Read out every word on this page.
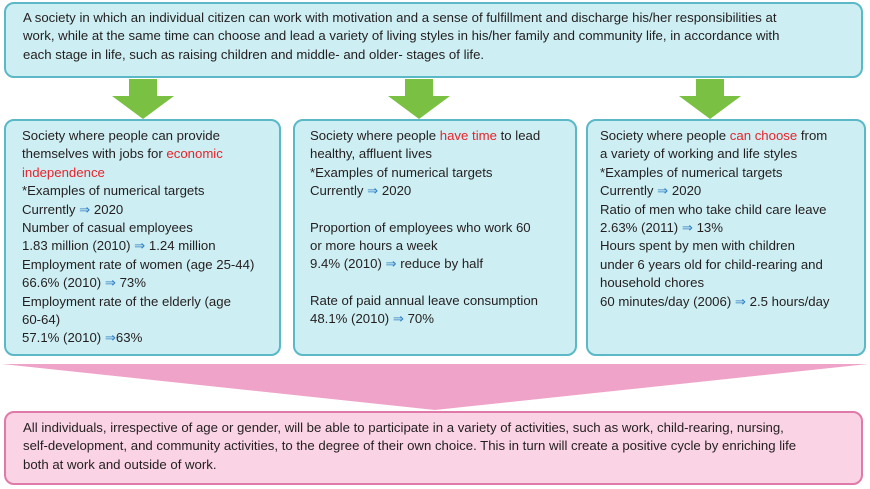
A society in which an individual citizen can work with motivation and a sense of fulfillment and discharge his/her responsibilities at
work, while at the same time can choose and lead a variety of living styles in his/her family and community life, in accordance with
each stage in life, such as raising children and middle- and older- stages of life.
Society where people can provide
themselves with jobs for economic
independence
*Examples of numerical targets
Currently ⇒ 2020
Number of casual employees
1.83 million (2010) ⇒ 1.24 million
Employment rate of women (age 25-44)
66.6% (2010) ⇒ 73%
Employment rate of the elderly (age
60-64)
57.1% (2010) ⇒63%
Society where people have time to lead
healthy, affluent lives
*Examples of numerical targets
Currently ⇒ 2020
Proportion of employees who work 60
or more hours a week
9.4% (2010) ⇒ reduce by half
Rate of paid annual leave consumption
48.1% (2010) ⇒ 70%
Society where people can choose from
a variety of working and life styles
*Examples of numerical targets
Currently ⇒ 2020
Ratio of men who take child care leave
2.63% (2011) ⇒ 13%
Hours spent by men with children
under 6 years old for child-rearing and
household chores
60 minutes/day (2006) ⇒ 2.5 hours/day
All individuals, irrespective of age or gender, will be able to participate in a variety of activities, such as work, child-rearing, nursing,
self-development, and community activities, to the degree of their own choice. This in turn will create a positive cycle by enriching life
both at work and outside of work.
